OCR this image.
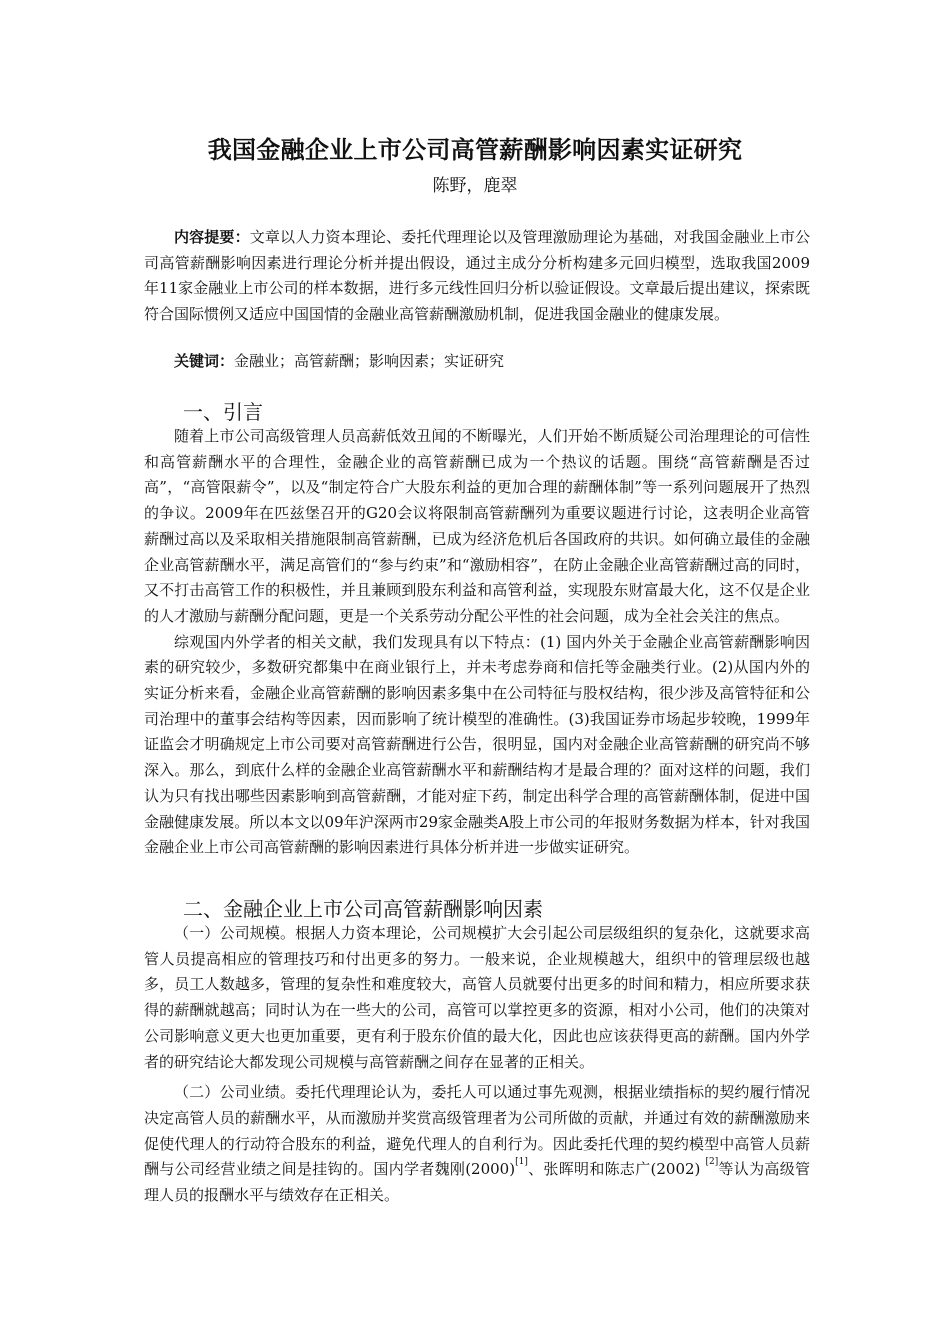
我国金融企业上市公司高管薪酬影响因素实证研究
陈野，鹿翠

内容提要：文章以人力资本理论、委托代理理论以及管理激励理论为基础，对我国金融业上市公司高管薪酬影响因素进行理论分析并提出假设，通过主成分分析构建多元回归模型，选取我国2009年11家金融业上市公司的样本数据，进行多元线性回归分析以验证假设。文章最后提出建议，探索既符合国际惯例又适应中国国情的金融业高管薪酬激励机制，促进我国金融业的健康发展。

关键词：金融业；高管薪酬；影响因素；实证研究

一、引言

随着上市公司高级管理人员高薪低效丑闻的不断曝光，人们开始不断质疑公司治理理论的可信性和高管薪酬水平的合理性，金融企业的高管薪酬已成为一个热议的话题。围绕“高管薪酬是否过高”，“高管限薪令”，以及“制定符合广大股东利益的更加合理的薪酬体制”等一系列问题展开了热烈的争议。2009年在匹兹堡召开的G20会议将限制高管薪酬列为重要议题进行讨论，这表明企业高管薪酬过高以及采取相关措施限制高管薪酬，已成为经济危机后各国政府的共识。如何确立最佳的金融企业高管薪酬水平，满足高管们的“参与约束”和“激励相容”，在防止金融企业高管薪酬过高的同时，又不打击高管工作的积极性，并且兼顾到股东利益和高管利益，实现股东财富最大化，这不仅是企业的人才激励与薪酬分配问题，更是一个关系劳动分配公平性的社会问题，成为全社会关注的焦点。

综观国内外学者的相关文献，我们发现具有以下特点：(1) 国内外关于金融企业高管薪酬影响因素的研究较少，多数研究都集中在商业银行上，并未考虑券商和信托等金融类行业。(2)从国内外的实证分析来看，金融企业高管薪酬的影响因素多集中在公司特征与股权结构，很少涉及高管特征和公司治理中的董事会结构等因素，因而影响了统计模型的准确性。(3)我国证券市场起步较晚，1999年证监会才明确规定上市公司要对高管薪酬进行公告，很明显，国内对金融企业高管薪酬的研究尚不够深入。那么，到底什么样的金融企业高管薪酬水平和薪酬结构才是最合理的？面对这样的问题，我们认为只有找出哪些因素影响到高管薪酬，才能对症下药，制定出科学合理的高管薪酬体制，促进中国金融健康发展。所以本文以09年沪深两市29家金融类A股上市公司的年报财务数据为样本，针对我国金融企业上市公司高管薪酬的影响因素进行具体分析并进一步做实证研究。

二、金融企业上市公司高管薪酬影响因素

（一）公司规模。根据人力资本理论，公司规模扩大会引起公司层级组织的复杂化，这就要求高管人员提高相应的管理技巧和付出更多的努力。一般来说，企业规模越大，组织中的管理层级也越多，员工人数越多，管理的复杂性和难度较大，高管人员就要付出更多的时间和精力，相应所要求获得的薪酬就越高；同时认为在一些大的公司，高管可以掌控更多的资源，相对小公司，他们的决策对公司影响意义更大也更加重要，更有利于股东价值的最大化，因此也应该获得更高的薪酬。国内外学者的研究结论大都发现公司规模与高管薪酬之间存在显著的正相关。

（二）公司业绩。委托代理理论认为，委托人可以通过事先观测，根据业绩指标的契约履行情况决定高管人员的薪酬水平，从而激励并奖赏高级管理者为公司所做的贡献，并通过有效的薪酬激励来促使代理人的行动符合股东的利益，避免代理人的自利行为。因此委托代理的契约模型中高管人员薪酬与公司经营业绩之间是挂钩的。国内学者魏刚(2000)[1]、张晖明和陈志广(2002) [2]等认为高级管理人员的报酬水平与绩效存在正相关。
